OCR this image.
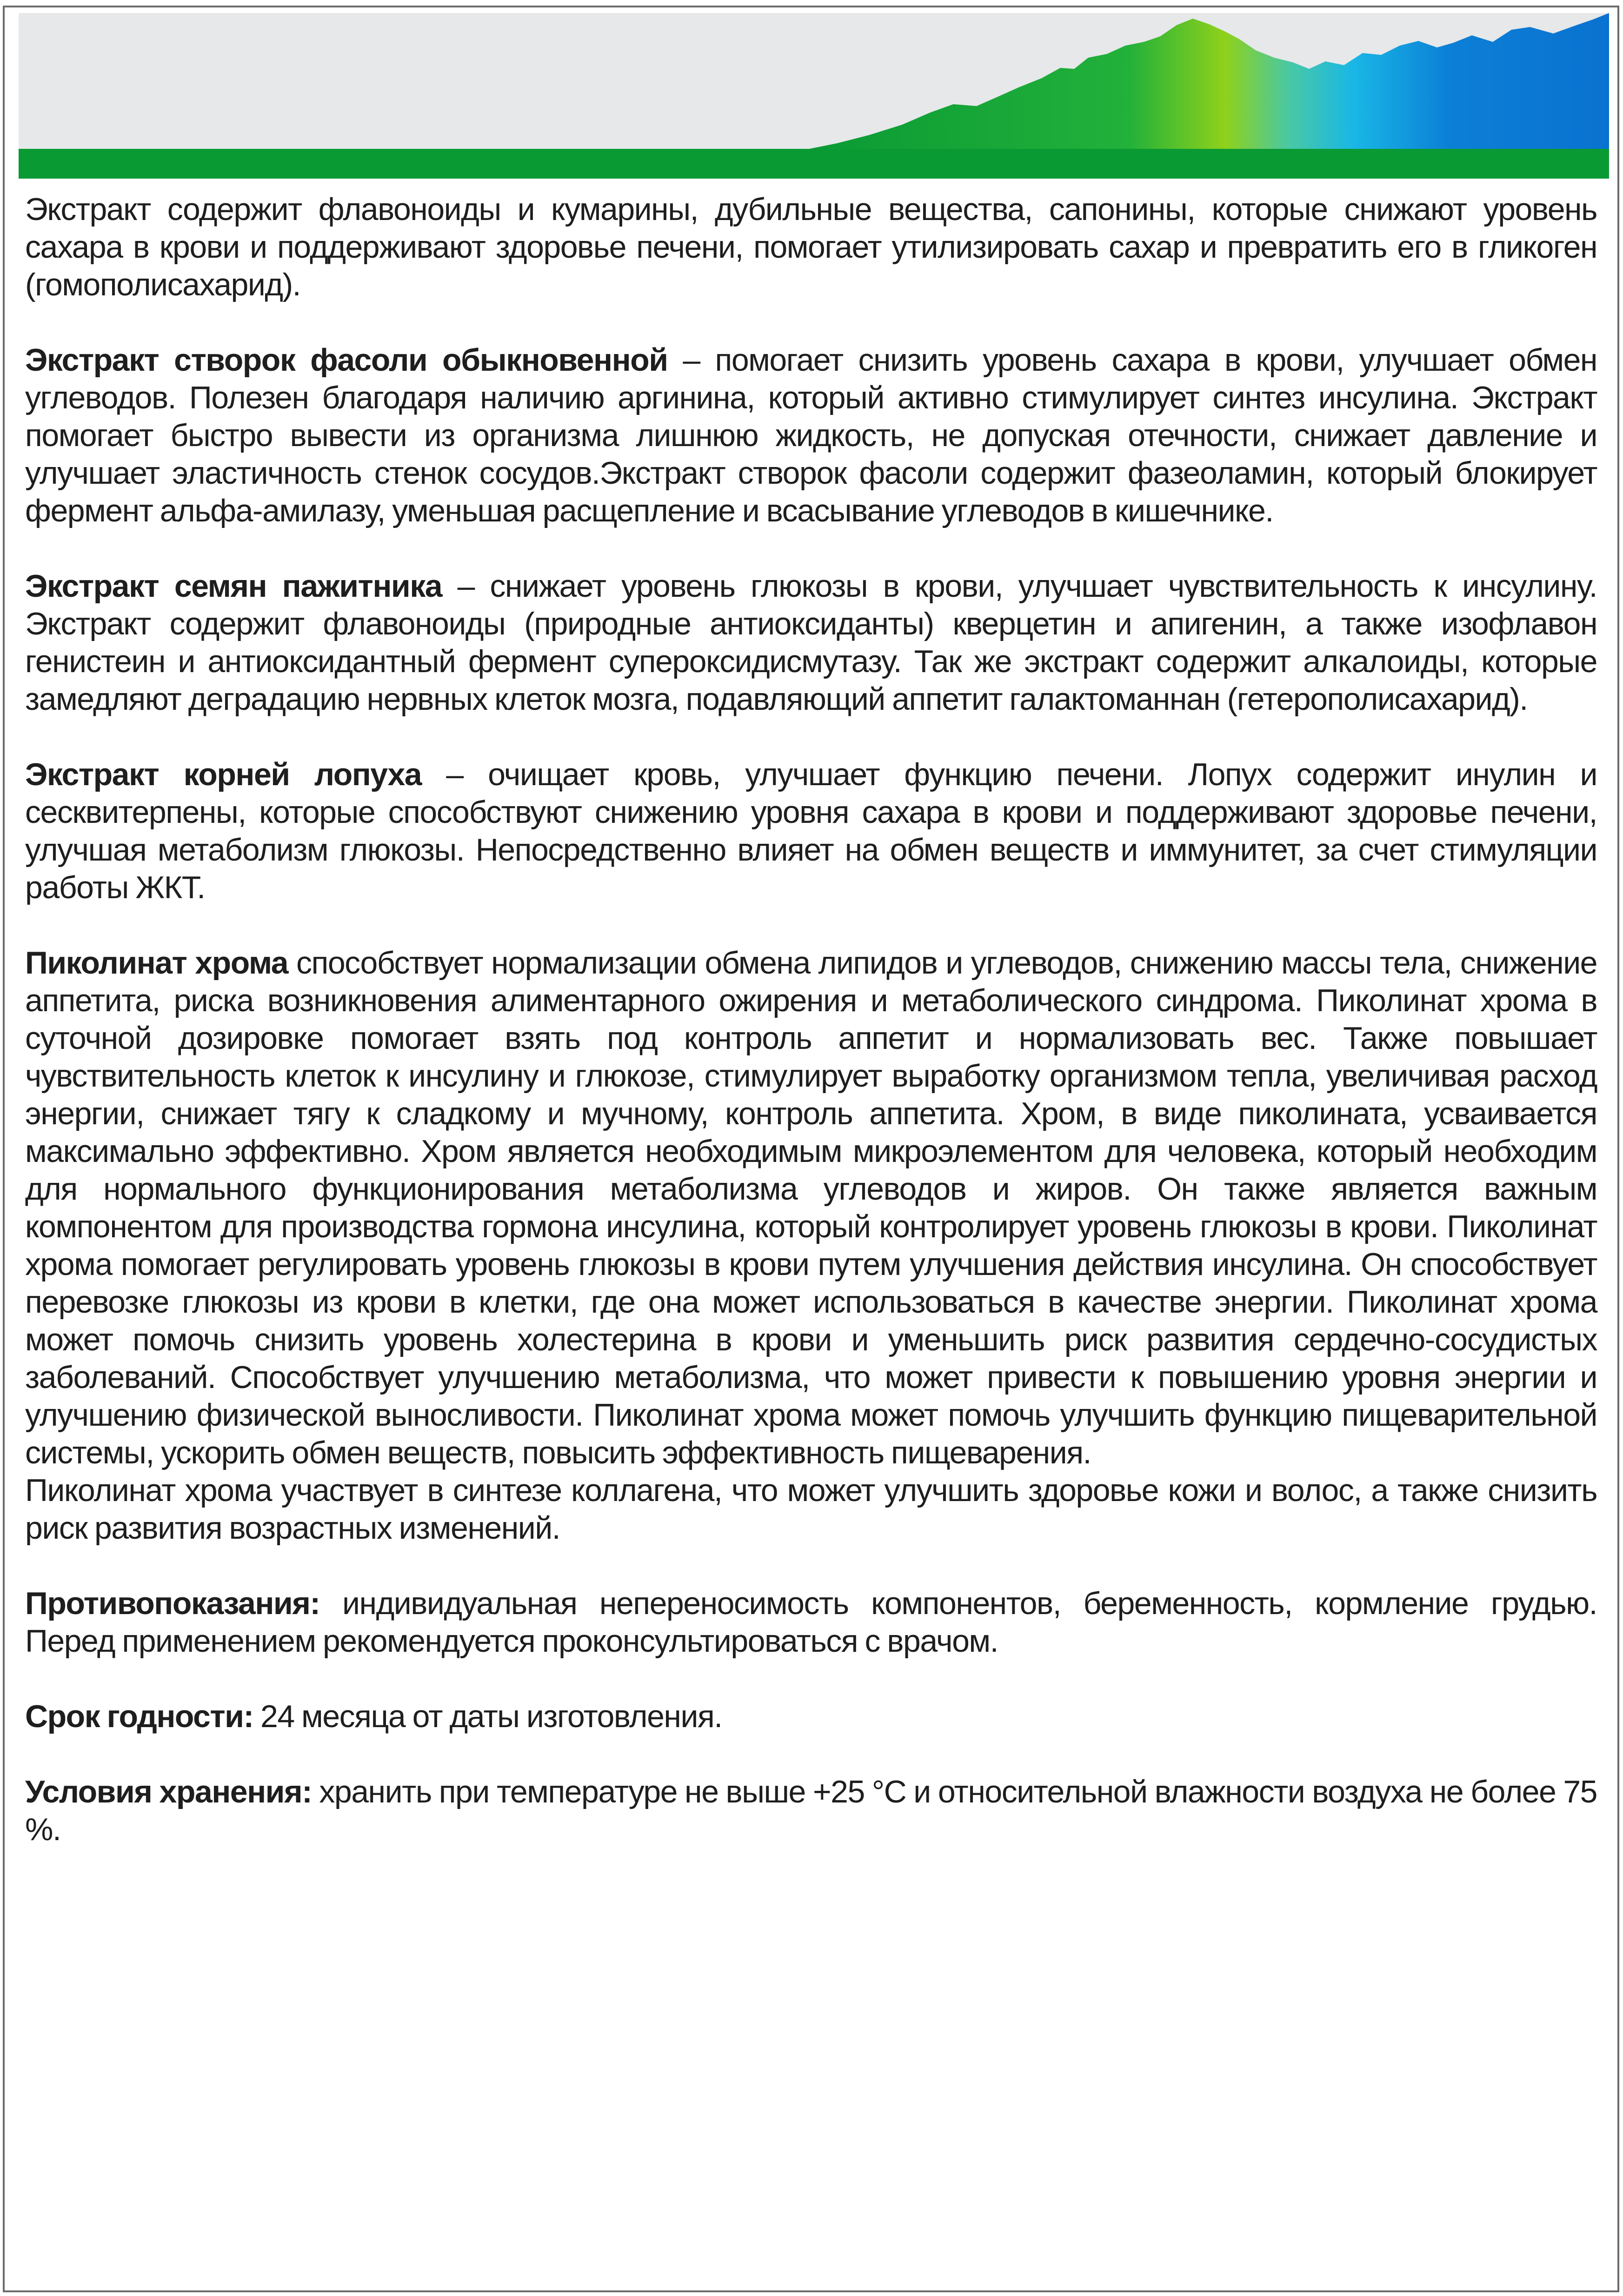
Экстракт содержит флавоноиды и кумарины, дубильные вещества, сапонины, которые снижают уровень сахара в крови и поддерживают здоровье печени, помогает утилизировать сахар и превратить его в гликоген (гомополисахарид).

Экстракт створок фасоли обыкновенной – помогает снизить уровень сахара в крови, улучшает обмен углеводов. Полезен благодаря наличию аргинина, который активно стимулирует синтез инсулина. Экстракт помогает быстро вывести из организма лишнюю жидкость, не допуская отечности, снижает давление и улучшает эластичность стенок сосудов.Экстракт створок фасоли содержит фазеоламин, который блокирует фермент альфа-амилазу, уменьшая расщепление и всасывание углеводов в кишечнике.

Экстракт семян пажитника – снижает уровень глюкозы в крови, улучшает чувствительность к инсулину. Экстракт содержит флавоноиды (природные антиоксиданты) кверцетин и апигенин, а также изофлавон генистеин и антиоксидантный фермент супероксидисмутазу. Так же экстракт содержит алкалоиды, которые замедляют деградацию нервных клеток мозга, подавляющий аппетит галактоманнан (гетерополисахарид).

Экстракт корней лопуха – очищает кровь, улучшает функцию печени. Лопух содержит инулин и сесквитерпены, которые способствуют снижению уровня сахара в крови и поддерживают здоровье печени, улучшая метаболизм глюкозы. Непосредственно влияет на обмен веществ и иммунитет, за счет стимуляции работы ЖКТ.

Пиколинат хрома способствует нормализации обмена липидов и углеводов, снижению массы тела, снижение аппетита, риска возникновения алиментарного ожирения и метаболического синдрома. Пиколинат хрома в суточной дозировке помогает взять под контроль аппетит и нормализовать вес. Также повышает чувствительность клеток к инсулину и глюкозе, стимулирует выработку организмом тепла, увеличивая расход энергии, снижает тягу к сладкому и мучному, контроль аппетита. Хром, в виде пиколината, усваивается максимально эффективно. Хром является необходимым микроэлементом для человека, который необходим для нормального функционирования метаболизма углеводов и жиров. Он также является важным компонентом для производства гормона инсулина, который контролирует уровень глюкозы в крови. Пиколинат хрома помогает регулировать уровень глюкозы в крови путем улучшения действия инсулина. Он способствует перевозке глюкозы из крови в клетки, где она может использоваться в качестве энергии. Пиколинат хрома может помочь снизить уровень холестерина в крови и уменьшить риск развития сердечно-сосудистых заболеваний. Способствует улучшению метаболизма, что может привести к повышению уровня энергии и улучшению физической выносливости. Пиколинат хрома может помочь улучшить функцию пищеварительной системы, ускорить обмен веществ, повысить эффективность пищеварения.

Пиколинат хрома участвует в синтезе коллагена, что может улучшить здоровье кожи и волос, а также снизить риск развития возрастных изменений.

Противопоказания: индивидуальная непереносимость компонентов, беременность, кормление грудью. Перед применением рекомендуется проконсультироваться с врачом.

Срок годности: 24 месяца от даты изготовления.

Условия хранения: хранить при температуре не выше +25 °С и относительной влажности воздуха не более 75 %.
